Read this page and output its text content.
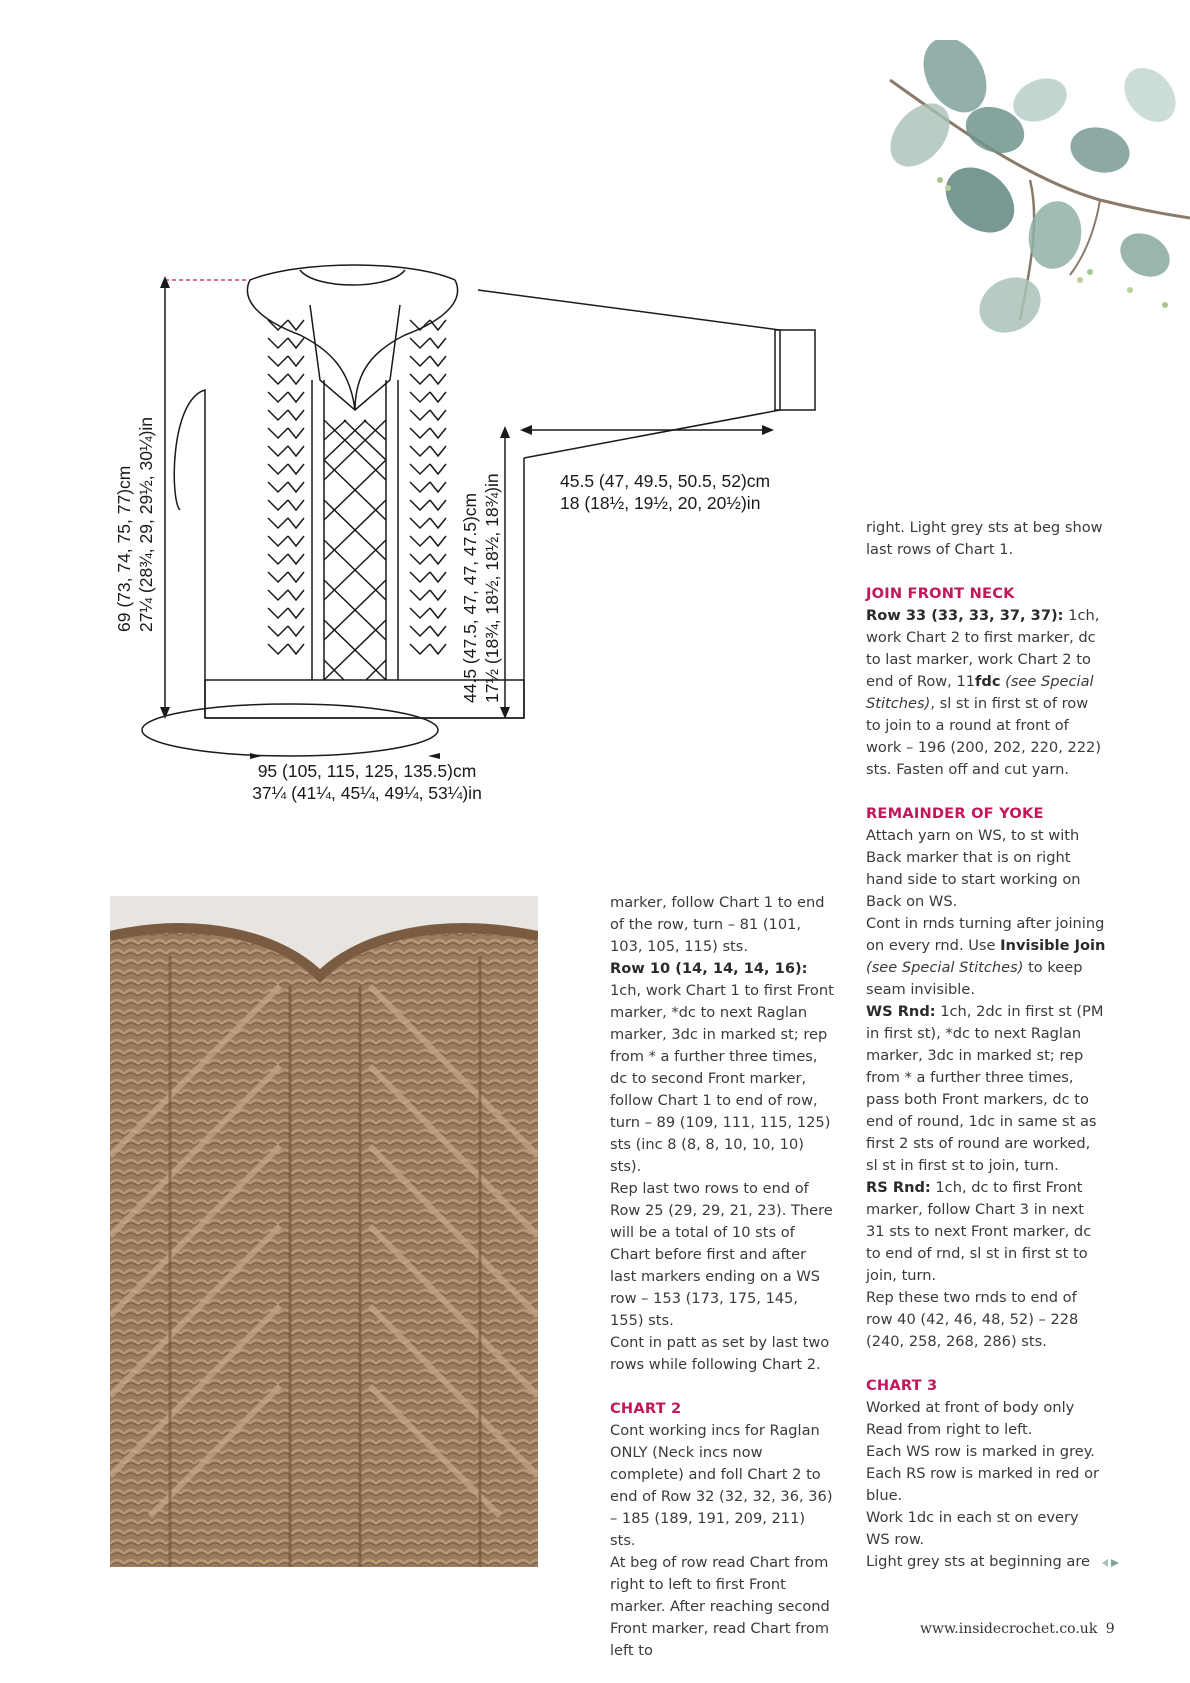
69 (73, 74, 75, 77)cm 27¼ (28¾, 29, 29½, 30¼)in	44.5 (47.5, 47, 47, 47.5)cm 17½ (18¾, 18½, 18½, 18¾)in	45.5 (47, 49.5, 50.5, 52)cm
18 (18½, 19½, 20, 20½)in
95 (105, 115, 125, 135.5)cm
37¼ (41¼, 45¼, 49¼, 53¼)in

marker, follow Chart 1 to end of the row, turn – 81 (101, 103, 105, 115) sts.

Row 10 (14, 14, 14, 16): 1ch, work Chart 1 to first Front marker, *dc to next Raglan marker, 3dc in marked st; rep from * a further three times, dc to second Front marker, follow Chart 1 to end of row, turn – 89 (109, 111, 115, 125) sts (inc 8 (8, 8, 10, 10, 10) sts).

Rep last two rows to end of Row 25 (29, 29, 21, 23). There will be a total of 10 sts of Chart before first and after last markers ending on a WS row – 153 (173, 175, 145, 155) sts.

Cont in patt as set by last two rows while following Chart 2.

CHART 2

Cont working incs for Raglan ONLY (Neck incs now complete) and foll Chart 2 to end of Row 32 (32, 32, 36, 36) – 185 (189, 191, 209, 211) sts.

At beg of row read Chart from right to left to first Front marker. After reaching second Front marker, read Chart from left to

right. Light grey sts at beg show last rows of Chart 1.

JOIN FRONT NECK

Row 33 (33, 33, 37, 37): 1ch, work Chart 2 to first marker, dc to last marker, work Chart 2 to end of Row, 11fdc (see Special Stitches), sl st in first st of row to join to a round at front of work – 196 (200, 202, 220, 222) sts. Fasten off and cut yarn.

REMAINDER OF YOKE

Attach yarn on WS, to st with Back marker that is on right hand side to start working on Back on WS.

Cont in rnds turning after joining on every rnd. Use Invisible Join (see Special Stitches) to keep seam invisible.

WS Rnd: 1ch, 2dc in first st (PM in first st), *dc to next Raglan marker, 3dc in marked st; rep from * a further three times, pass both Front markers, dc to end of round, 1dc in same st as first 2 sts of round are worked, sl st in first st to join, turn.

RS Rnd: 1ch, dc to first Front marker, follow Chart 3 in next 31 sts to next Front marker, dc to end of rnd, sl st in first st to join, turn.

Rep these two rnds to end of row 40 (42, 46, 48, 52) – 228 (240, 258, 268, 286) sts.

CHART 3

Worked at front of body only

Read from right to left.

Each WS row is marked in grey.

Each RS row is marked in red or blue.

Work 1dc in each st on every WS row.

Light grey sts at beginning are

www.insidecrochet.co.uk 9
